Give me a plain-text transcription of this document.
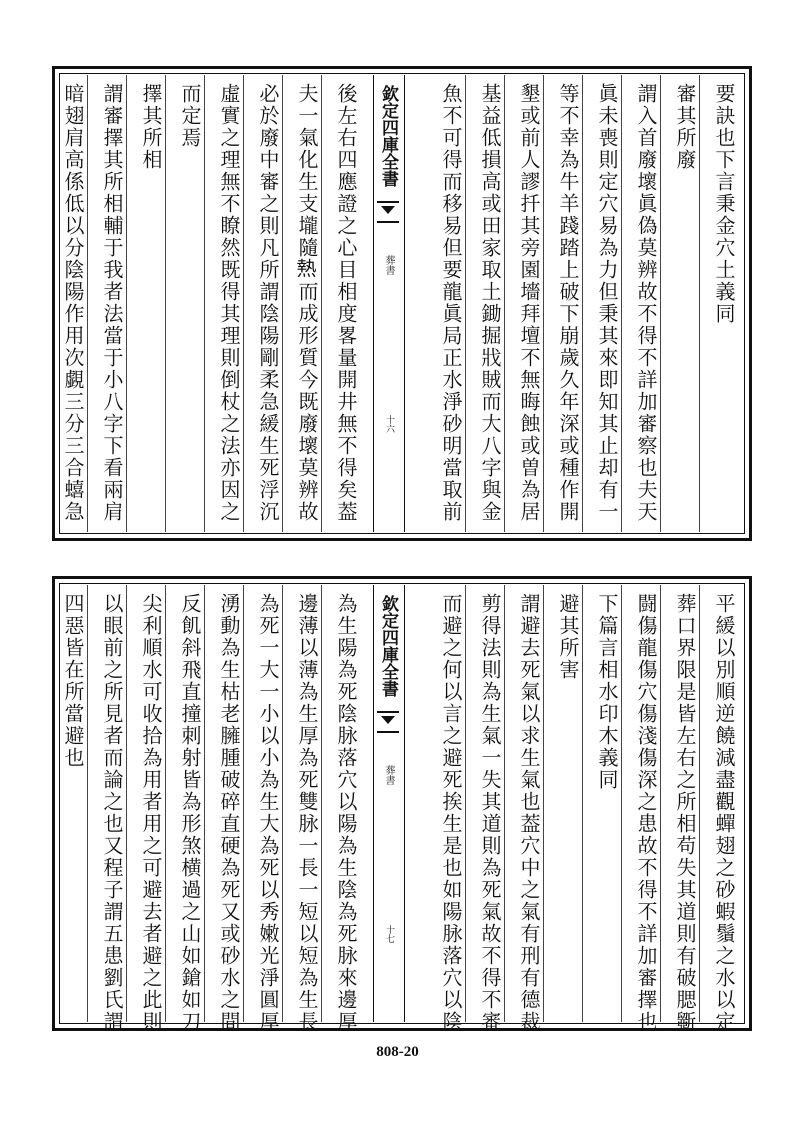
要訣也下言秉金穴土義同
審其所廢
謂入首廢壞眞偽莫辨故不得不詳加審察也夫天
眞未喪則定穴易為力但秉其來即知其止却有一
等不幸為牛羊踐踏上破下崩歲久年深或種作開
墾或前人謬扦其旁園墻拜壇不無晦蝕或曽為居
基益低損高或田家取土鋤掘戕賊而大八字與金
魚不可得而移易但要龍眞局正水淨砂明當取前
欽定四庫全書
葬書
十六
後左右四應證之心目相度畧量開井無不得矣葢
夫一氣化生支壠隨𤍠而成形質今既廢壞莫辨故
必於廢中審之則凡所謂陰陽剛柔急緩生死浮沉
虛實之理無不瞭然既得其理則倒杖之法亦因之
而定焉
擇其所相
謂審擇其所相輔于我者法當于小八字下看兩肩
暗翅肩高係低以分陰陽作用次覷三分三合蟢急
平緩以別順逆饒減盡觀蟬翅之砂蝦鬚之水以定
葬口界限是皆左右之所相苟失其道則有破腮斵
闘傷龍傷穴傷淺傷深之患故不得不詳加審擇也
下篇言相水印木義同
避其所害
謂避去死氣以求生氣也葢穴中之氣有刑有德裁
剪得法則為生氣一失其道則為死氣故不得不審
而避之何以言之避死挨生是也如陽脉落穴以陰
欽定四庫全書
葬書
十七
為生陽為死陰脉落穴以陽為生陰為死脉來邊厚
邊薄以薄為生厚為死雙脉一長一短以短為生長
為死一大一小以小為生大為死以秀嫩光淨圓厚
湧動為生枯老臃腫破碎直硬為死又或砂水之間
反飢斜飛直撞刺射皆為形煞横過之山如鎗如刀
尖利順水可收拾為用者用之可避去者避之此則
以眼前之所見者而論之也又程子謂五患劉氏謂
四惡皆在所當避也
808-20
